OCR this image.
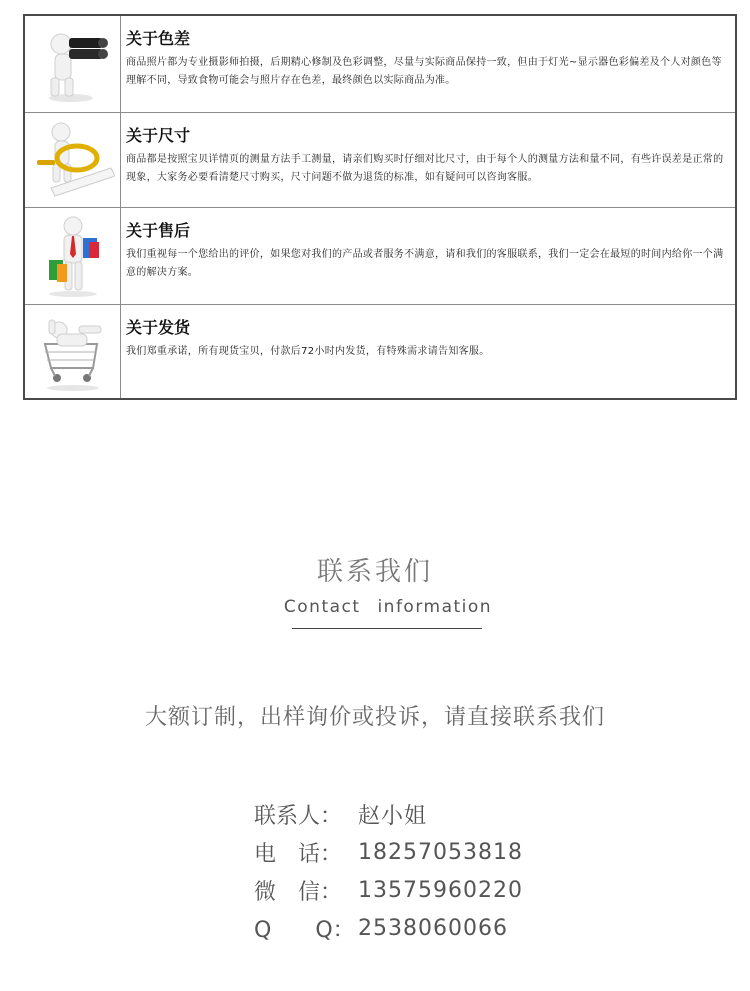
关于色差
商品照片都为专业摄影师拍摄，后期精心修制及色彩调整，尽量与实际商品保持一致，但由于灯光~显示器色彩偏差及个人对颜色等理解不同，导致食物可能会与照片存在色差，最终颜色以实际商品为准。
关于尺寸
商品都是按照宝贝详情页的测量方法手工测量，请亲们购买时仔细对比尺寸，由于每个人的测量方法和量不同，有些许误差是正常的现象，大家务必要看清楚尺寸购买，尺寸问题不做为退货的标准，如有疑问可以咨询客服。
关于售后
我们重视每一个您给出的评价，如果您对我们的产品或者服务不满意，请和我们的客服联系，我们一定会在最短的时间内给你一个满意的解决方案。
关于发货
我们郑重承诺，所有现货宝贝，付款后72小时内发货，有特殊需求请告知客服。
联系我们
Contact information
大额订制，出样询价或投诉，请直接联系我们
联系人： 赵小姐
电　话： 18257053818
微　信： 13575960220
Q　　Q： 2538060066
